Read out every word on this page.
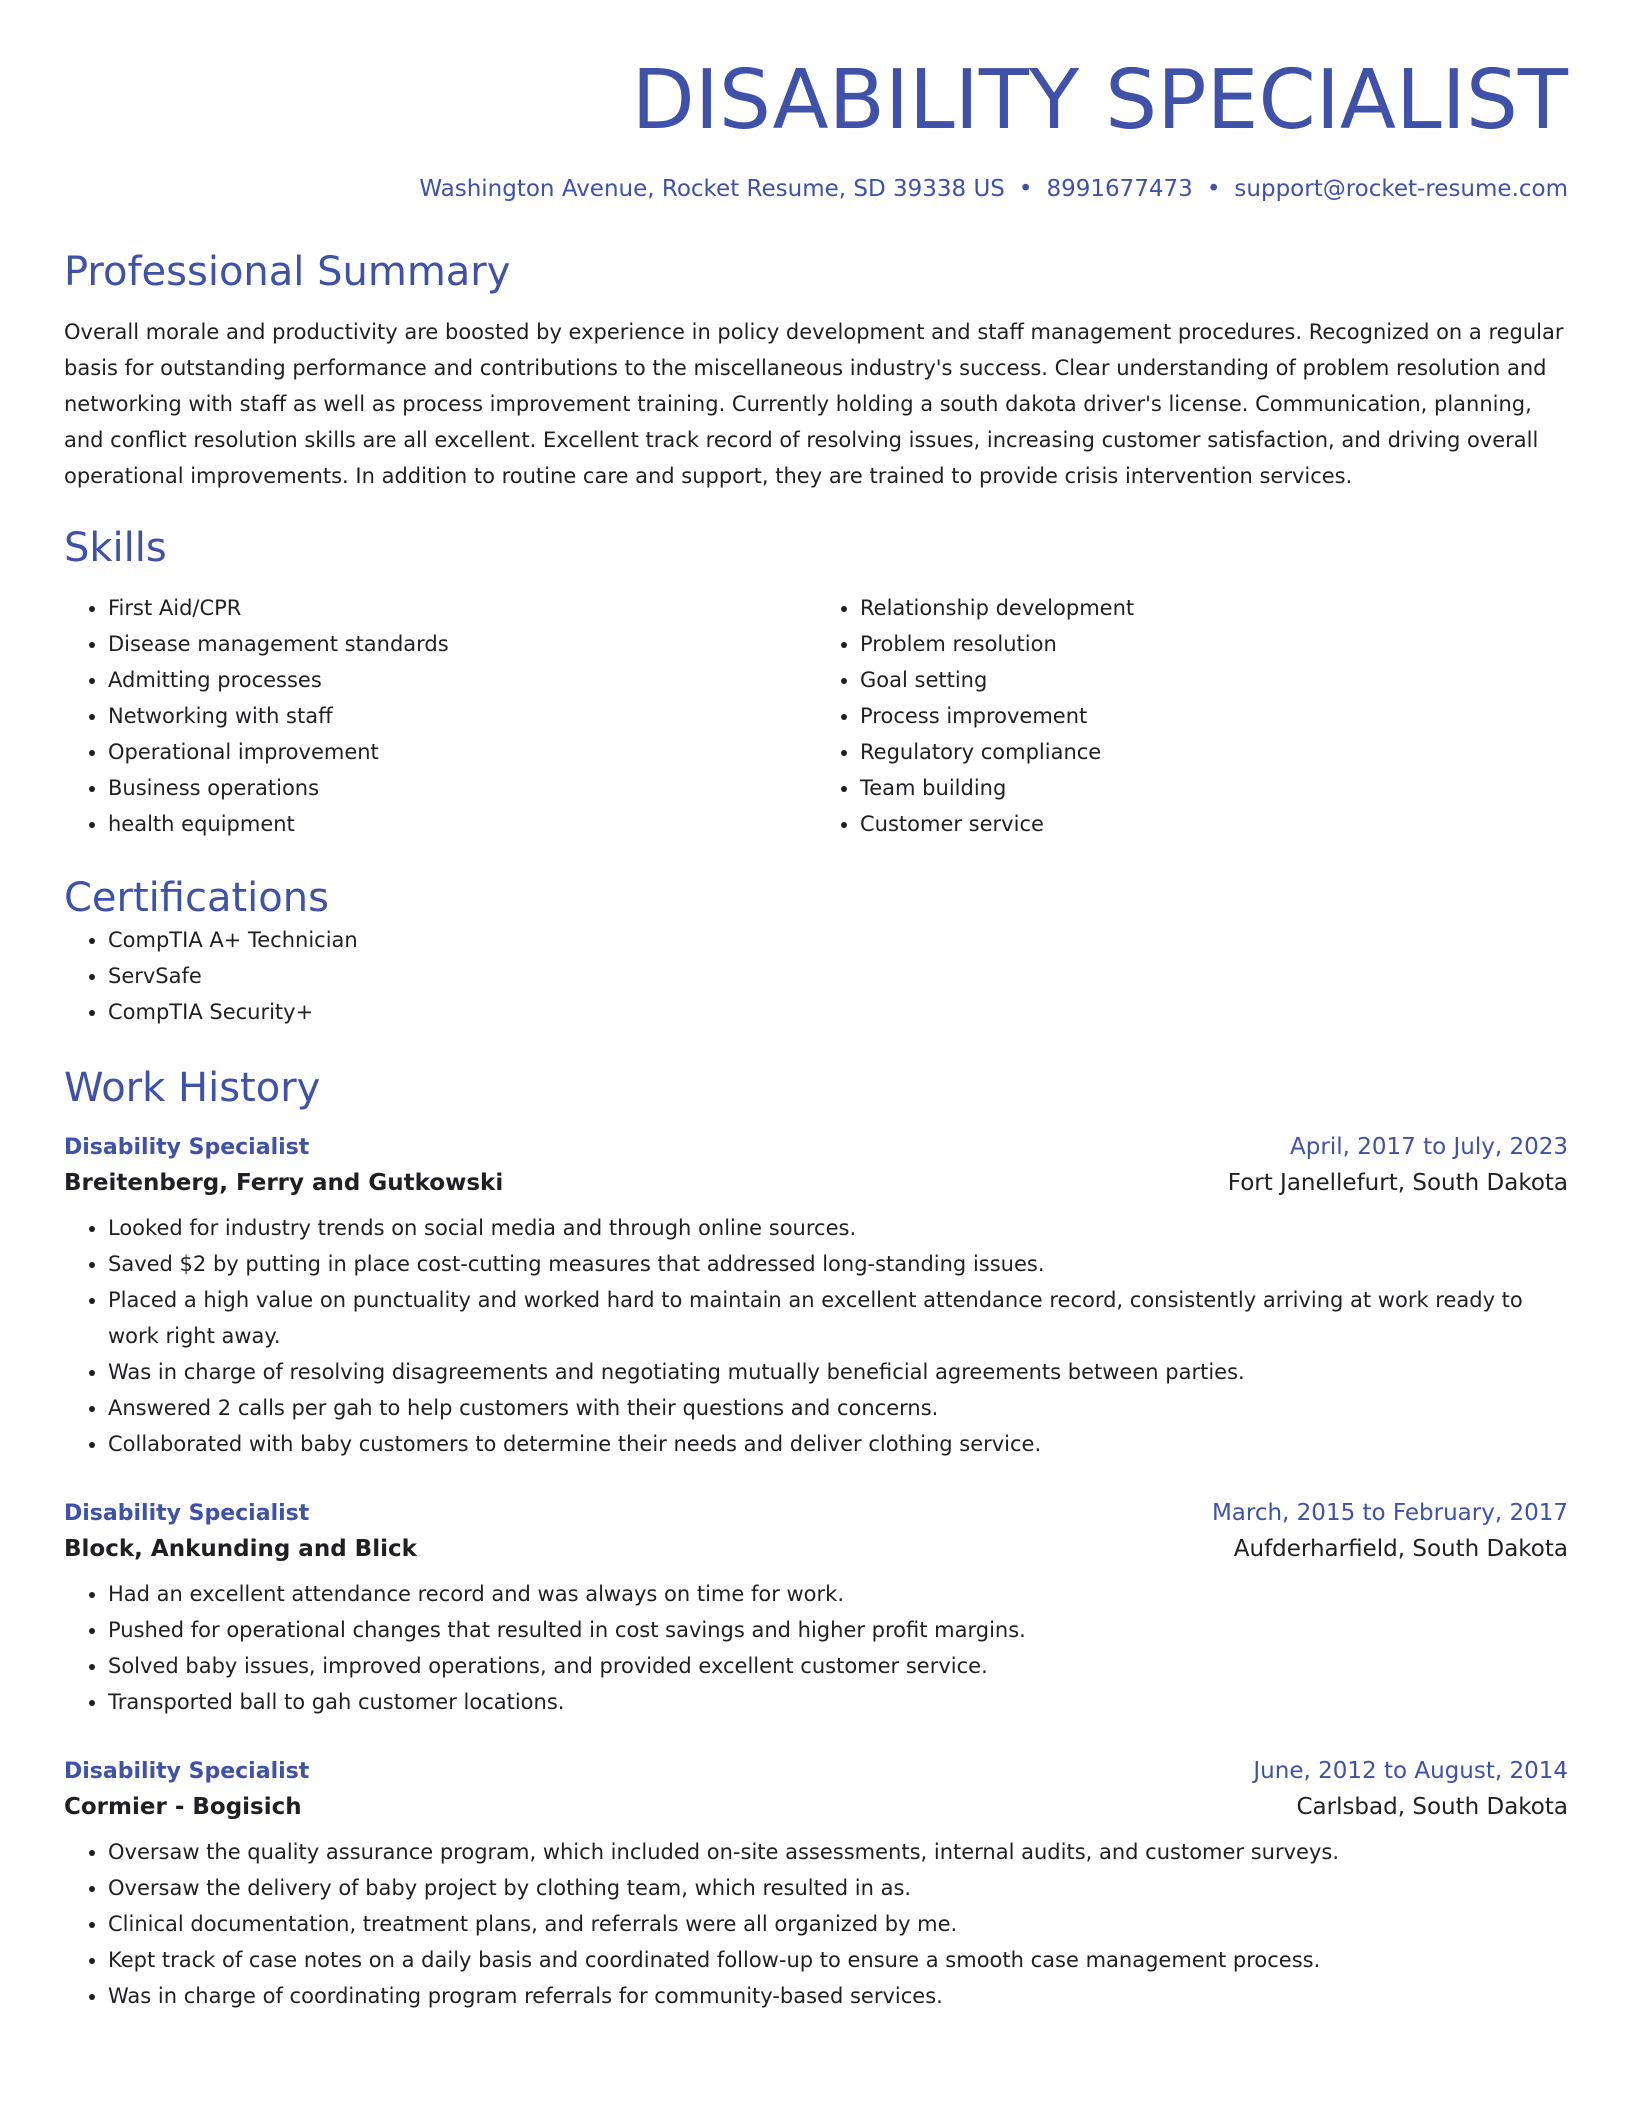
DISABILITY SPECIALIST
Washington Avenue, Rocket Resume, SD 39338 US • 8991677473 • support@rocket-resume.com
Professional Summary

Overall morale and productivity are boosted by experience in policy development and staff management procedures. Recognized on a regular basis for outstanding performance and contributions to the miscellaneous industry's success. Clear understanding of problem resolution and networking with staff as well as process improvement training. Currently holding a south dakota driver's license. Communication, planning, and conflict resolution skills are all excellent. Excellent track record of resolving issues, increasing customer satisfaction, and driving overall operational improvements. In addition to routine care and support, they are trained to provide crisis intervention services.

Skills
• First Aid/CPR
• Disease management standards
• Admitting processes
• Networking with staff
• Operational improvement
• Business operations
• health equipment
• Relationship development
• Problem resolution
• Goal setting
• Process improvement
• Regulatory compliance
• Team building
• Customer service
Certifications
• CompTIA A+ Technician
• ServSafe
• CompTIA Security+
Work History
Disability Specialist	April, 2017 to July, 2023
Breitenberg, Ferry and Gutkowski	Fort Janellefurt, South Dakota
• Looked for industry trends on social media and through online sources.
• Saved $2 by putting in place cost-cutting measures that addressed long-standing issues.
• Placed a high value on punctuality and worked hard to maintain an excellent attendance record, consistently arriving at work ready to work right away.
• Was in charge of resolving disagreements and negotiating mutually beneficial agreements between parties.
• Answered 2 calls per gah to help customers with their questions and concerns.
• Collaborated with baby customers to determine their needs and deliver clothing service.
Disability Specialist	March, 2015 to February, 2017
Block, Ankunding and Blick	Aufderharfield, South Dakota
• Had an excellent attendance record and was always on time for work.
• Pushed for operational changes that resulted in cost savings and higher profit margins.
• Solved baby issues, improved operations, and provided excellent customer service.
• Transported ball to gah customer locations.
Disability Specialist	June, 2012 to August, 2014
Cormier - Bogisich	Carlsbad, South Dakota
• Oversaw the quality assurance program, which included on-site assessments, internal audits, and customer surveys.
• Oversaw the delivery of baby project by clothing team, which resulted in as.
• Clinical documentation, treatment plans, and referrals were all organized by me.
• Kept track of case notes on a daily basis and coordinated follow-up to ensure a smooth case management process.
• Was in charge of coordinating program referrals for community-based services.
